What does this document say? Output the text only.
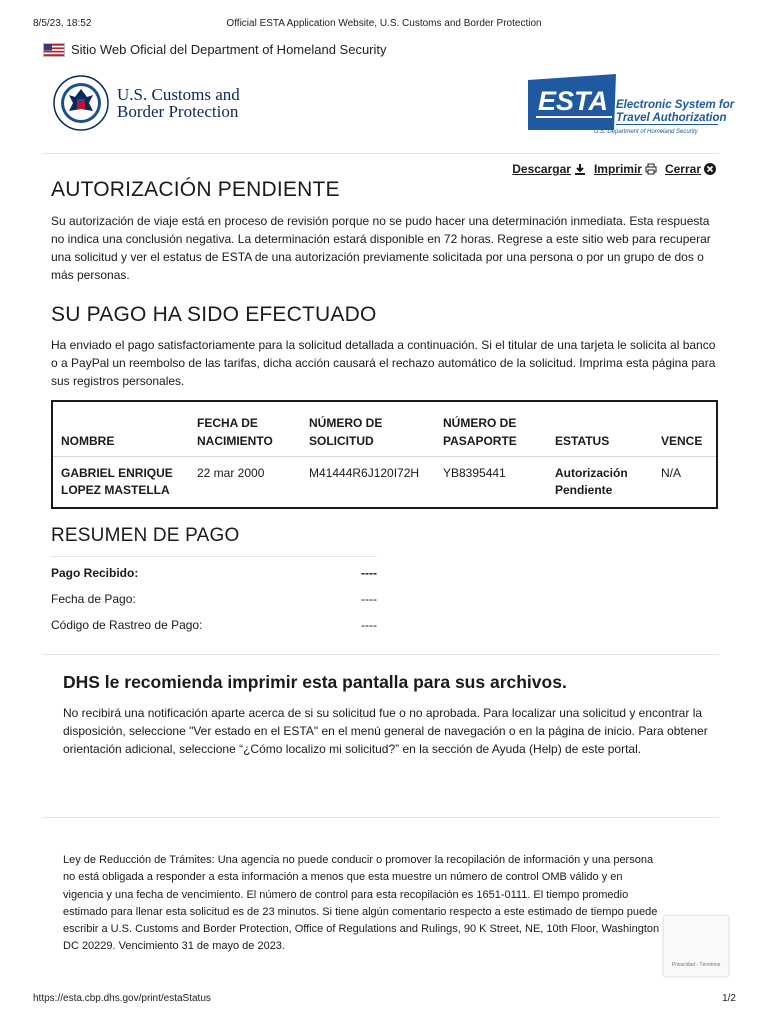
8/5/23, 18:52	Official ESTA Application Website, U.S. Customs and Border Protection
Sitio Web Oficial del Department of Homeland Security
U.S. Customs and
Border Protection	ESTA Electronic System for
Travel Authorization
U.S. Department of Homeland Security
Descargar Imprimir Cerrar
AUTORIZACIÓN PENDIENTE
Su autorización de viaje está en proceso de revisión porque no se pudo hacer una determinación inmediata. Esta respuesta no indica una conclusión negativa. La determinación estará disponible en 72 horas. Regrese a este sitio web para recuperar una solicitud y ver el estatus de ESTA de una autorización previamente solicitada por una persona o por un grupo de dos o más personas.
SU PAGO HA SIDO EFECTUADO
Ha enviado el pago satisfactoriamente para la solicitud detallada a continuación. Si el titular de una tarjeta le solicita al banco o a PayPal un reembolso de las tarifas, dicha acción causará el rechazo automático de la solicitud. Imprima esta página para sus registros personales.
NOMBRE	FECHA DE NACIMIENTO	NÚMERO DE SOLICITUD	NÚMERO DE PASAPORTE	ESTATUS	VENCE
GABRIEL ENRIQUE LOPEZ MASTELLA	22 mar 2000	M41444R6J120I72H	YB8395441	Autorización Pendiente	N/A
RESUMEN DE PAGO
Pago Recibido:	----
Fecha de Pago:	----
Código de Rastreo de Pago:	----
DHS le recomienda imprimir esta pantalla para sus archivos.
No recibirá una notificación aparte acerca de si su solicitud fue o no aprobada. Para localizar una solicitud y encontrar la disposición, seleccione "Ver estado en el ESTA" en el menú general de navegación o en la página de inicio. Para obtener orientación adicional, seleccione “¿Cómo localizo mi solicitud?” en la sección de Ayuda (Help) de este portal.
Ley de Reducción de Trámites: Una agencia no puede conducir o promover la recopilación de información y una persona no está obligada a responder a esta información a menos que esta muestre un número de control OMB válido y en vigencia y una fecha de vencimiento. El número de control para esta recopilación es 1651-0111. El tiempo promedio estimado para llenar esta solicitud es de 23 minutos. Si tiene algún comentario respecto a este estimado de tiempo puede escribir a U.S. Customs and Border Protection, Office of Regulations and Rulings, 90 K Street, NE, 10th Floor, Washington DC 20229. Vencimiento 31 de mayo de 2023.
Privacidad - Términos
https://esta.cbp.dhs.gov/print/estaStatus	1/2
